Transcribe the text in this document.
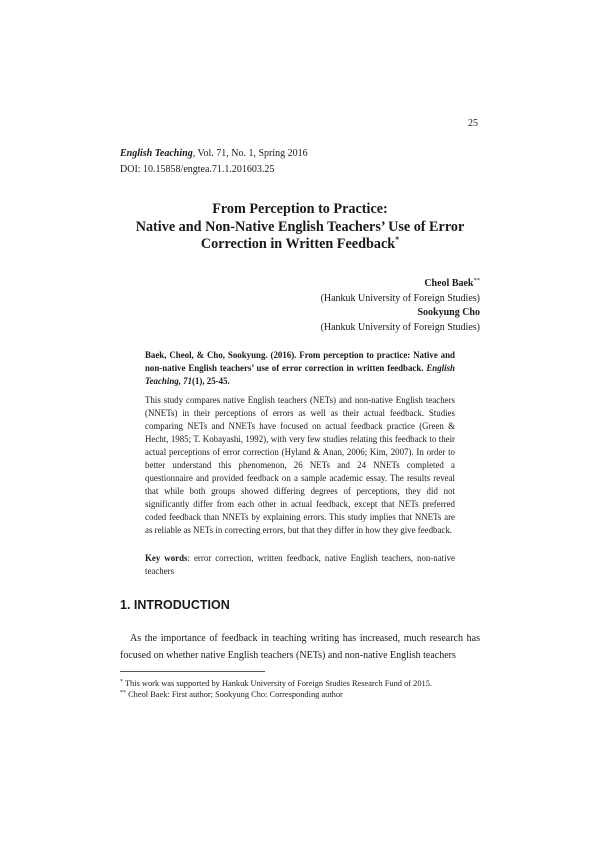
25
English Teaching, Vol. 71, No. 1, Spring 2016
DOI: 10.15858/engtea.71.1.201603.25
From Perception to Practice:
Native and Non-Native English Teachers’ Use of Error
Correction in Written Feedback*
Cheol Baek**
(Hankuk University of Foreign Studies)
Sookyung Cho
(Hankuk University of Foreign Studies)

Baek, Cheol, & Cho, Sookyung. (2016). From perception to practice: Native and non-native English teachers’ use of error correction in written feedback. English Teaching, 71(1), 25-45.

This study compares native English teachers (NETs) and non-native English teachers (NNETs) in their perceptions of errors as well as their actual feedback. Studies comparing NETs and NNETs have focused on actual feedback practice (Green & Hecht, 1985; T. Kobayashi, 1992), with very few studies relating this feedback to their actual perceptions of error correction (Hyland & Anan, 2006; Kim, 2007). In order to better understand this phenomenon, 26 NETs and 24 NNETs completed a questionnaire and provided feedback on a sample academic essay. The results reveal that while both groups showed differing degrees of perceptions, they did not significantly differ from each other in actual feedback, except that NETs preferred coded feedback than NNETs by explaining errors. This study implies that NNETs are as reliable as NETs in correcting errors, but that they differ in how they give feedback.

Key words: error correction, written feedback, native English teachers, non-native teachers

1. INTRODUCTION

As the importance of feedback in teaching writing has increased, much research has focused on whether native English teachers (NETs) and non-native English teachers

* This work was supported by Hankuk University of Foreign Studies Research Fund of 2015.
** Cheol Baek: First author; Sookyung Cho: Corresponding author
